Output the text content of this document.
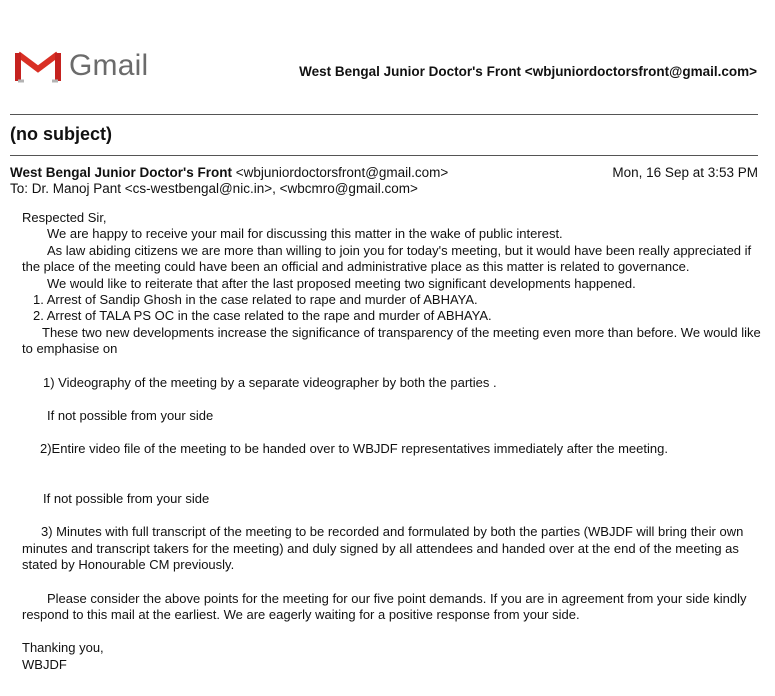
Gmail	West Bengal Junior Doctor's Front <wbjuniordoctorsfront@gmail.com>
(no subject)
West Bengal Junior Doctor's Front <wbjuniordoctorsfront@gmail.com>	Mon, 16 Sep at 3:53 PM
To: Dr. Manoj Pant <cs-westbengal@nic.in>, <wbcmro@gmail.com>

Respected Sir,

We are happy to receive your mail for discussing this matter in the wake of public interest.

As law abiding citizens we are more than willing to join you for today's meeting, but it would have been really appreciated if the place of the meeting could have been an official and administrative place as this matter is related to governance.

We would like to reiterate that after the last proposed meeting two significant developments happened.

1. Arrest of Sandip Ghosh in the case related to rape and murder of ABHAYA.

2. Arrest of TALA PS OC in the case related to the rape and murder of ABHAYA.

These two new developments increase the significance of transparency of the meeting even more than before. We would like to emphasise on

1) Videography of the meeting by a separate videographer by both the parties .

If not possible from your side

2)Entire video file of the meeting to be handed over to WBJDF representatives immediately after the meeting.

If not possible from your side

3) Minutes with full transcript of the meeting to be recorded and formulated by both the parties (WBJDF will bring their own minutes and transcript takers for the meeting) and duly signed by all attendees and handed over at the end of the meeting as stated by Honourable CM previously.

Please consider the above points for the meeting for our five point demands. If you are in agreement from your side kindly respond to this mail at the earliest. We are eagerly waiting for a positive response from your side.

Thanking you,

WBJDF
